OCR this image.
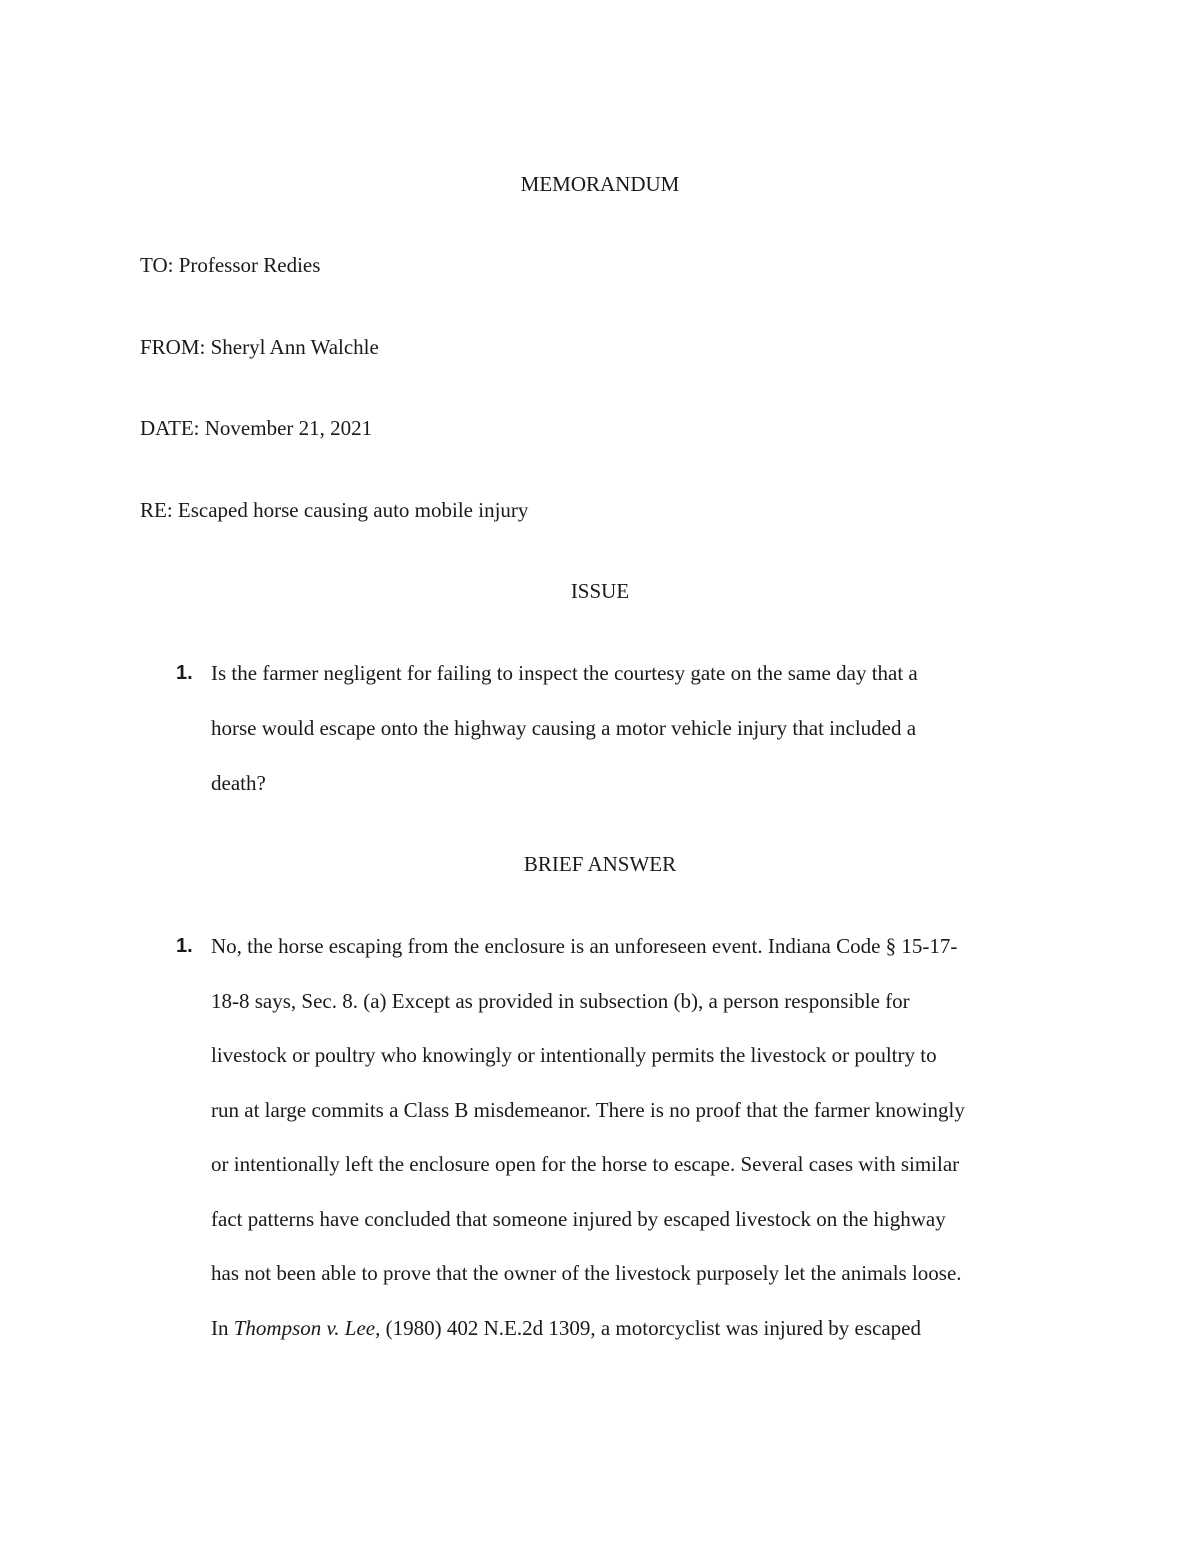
MEMORANDUM
TO: Professor Redies
FROM: Sheryl Ann Walchle
DATE: November 21, 2021
RE: Escaped horse causing auto mobile injury
ISSUE
1. Is the farmer negligent for failing to inspect the courtesy gate on the same day that a
horse would escape onto the highway causing a motor vehicle injury that included a
death?
BRIEF ANSWER
1. No, the horse escaping from the enclosure is an unforeseen event. Indiana Code § 15-17-
18-8 says, Sec. 8. (a) Except as provided in subsection (b), a person responsible for
livestock or poultry who knowingly or intentionally permits the livestock or poultry to
run at large commits a Class B misdemeanor. There is no proof that the farmer knowingly
or intentionally left the enclosure open for the horse to escape. Several cases with similar
fact patterns have concluded that someone injured by escaped livestock on the highway
has not been able to prove that the owner of the livestock purposely let the animals loose.
In Thompson v. Lee, (1980) 402 N.E.2d 1309, a motorcyclist was injured by escaped
